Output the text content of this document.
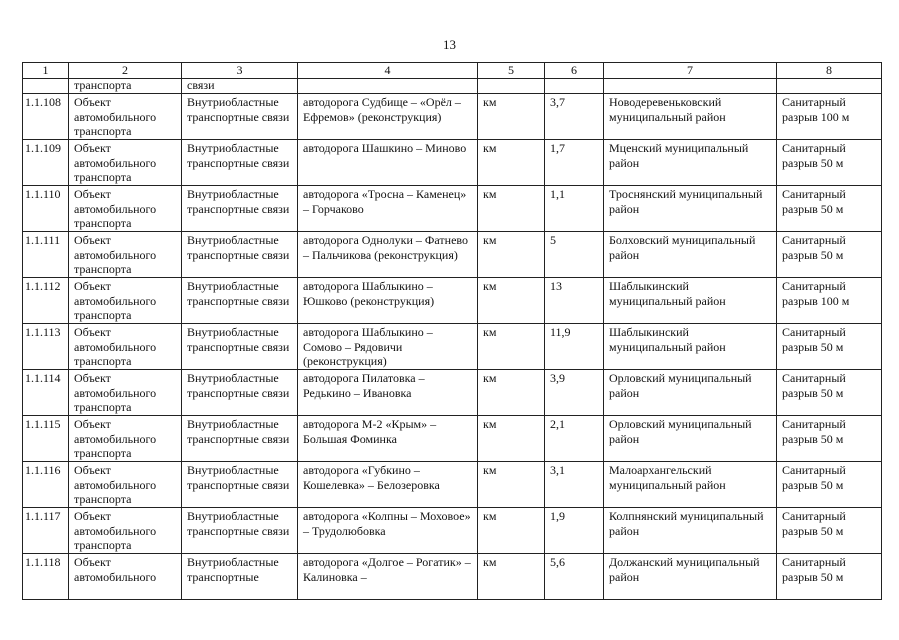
13
1	2	3	4	5	6	7	8
	транспорта	связи					
1.1.108	Объект автомобильного транспорта	Внутриобластные транспортные связи	автодорога Судбище – «Орёл – Ефремов» (реконструкция)	км	3,7	Новодеревеньковский муниципальный район	Санитарный разрыв 100 м
1.1.109	Объект автомобильного транспорта	Внутриобластные транспортные связи	автодорога Шашкино – Миново	км	1,7	Мценский муниципальный район	Санитарный разрыв 50 м
1.1.110	Объект автомобильного транспорта	Внутриобластные транспортные связи	автодорога «Тросна – Каменец» – Горчаково	км	1,1	Троснянский муниципальный район	Санитарный разрыв 50 м
1.1.111	Объект автомобильного транспорта	Внутриобластные транспортные связи	автодорога Однолуки – Фатнево – Пальчикова (реконструкция)	км	5	Болховский муниципальный район	Санитарный разрыв 50 м
1.1.112	Объект автомобильного транспорта	Внутриобластные транспортные связи	автодорога Шаблыкино – Юшково (реконструкция)	км	13	Шаблыкинский муниципальный район	Санитарный разрыв 100 м
1.1.113	Объект автомобильного транспорта	Внутриобластные транспортные связи	автодорога Шаблыкино – Сомово – Рядовичи (реконструкция)	км	11,9	Шаблыкинский муниципальный район	Санитарный разрыв 50 м
1.1.114	Объект автомобильного транспорта	Внутриобластные транспортные связи	автодорога Пилатовка – Редькино – Ивановка	км	3,9	Орловский муниципальный район	Санитарный разрыв 50 м
1.1.115	Объект автомобильного транспорта	Внутриобластные транспортные связи	автодорога М-2 «Крым» – Большая Фоминка	км	2,1	Орловский муниципальный район	Санитарный разрыв 50 м
1.1.116	Объект автомобильного транспорта	Внутриобластные транспортные связи	автодорога «Губкино – Кошелевка» – Белозеровка	км	3,1	Малоархангельский муниципальный район	Санитарный разрыв 50 м
1.1.117	Объект автомобильного транспорта	Внутриобластные транспортные связи	автодорога «Колпны – Моховое» – Трудолюбовка	км	1,9	Колпнянский муниципальный район	Санитарный разрыв 50 м
1.1.118	Объект автомобильного	Внутриобластные транспортные	автодорога «Долгое – Рогатик» – Калиновка –	км	5,6	Должанский муниципальный район	Санитарный разрыв 50 м
